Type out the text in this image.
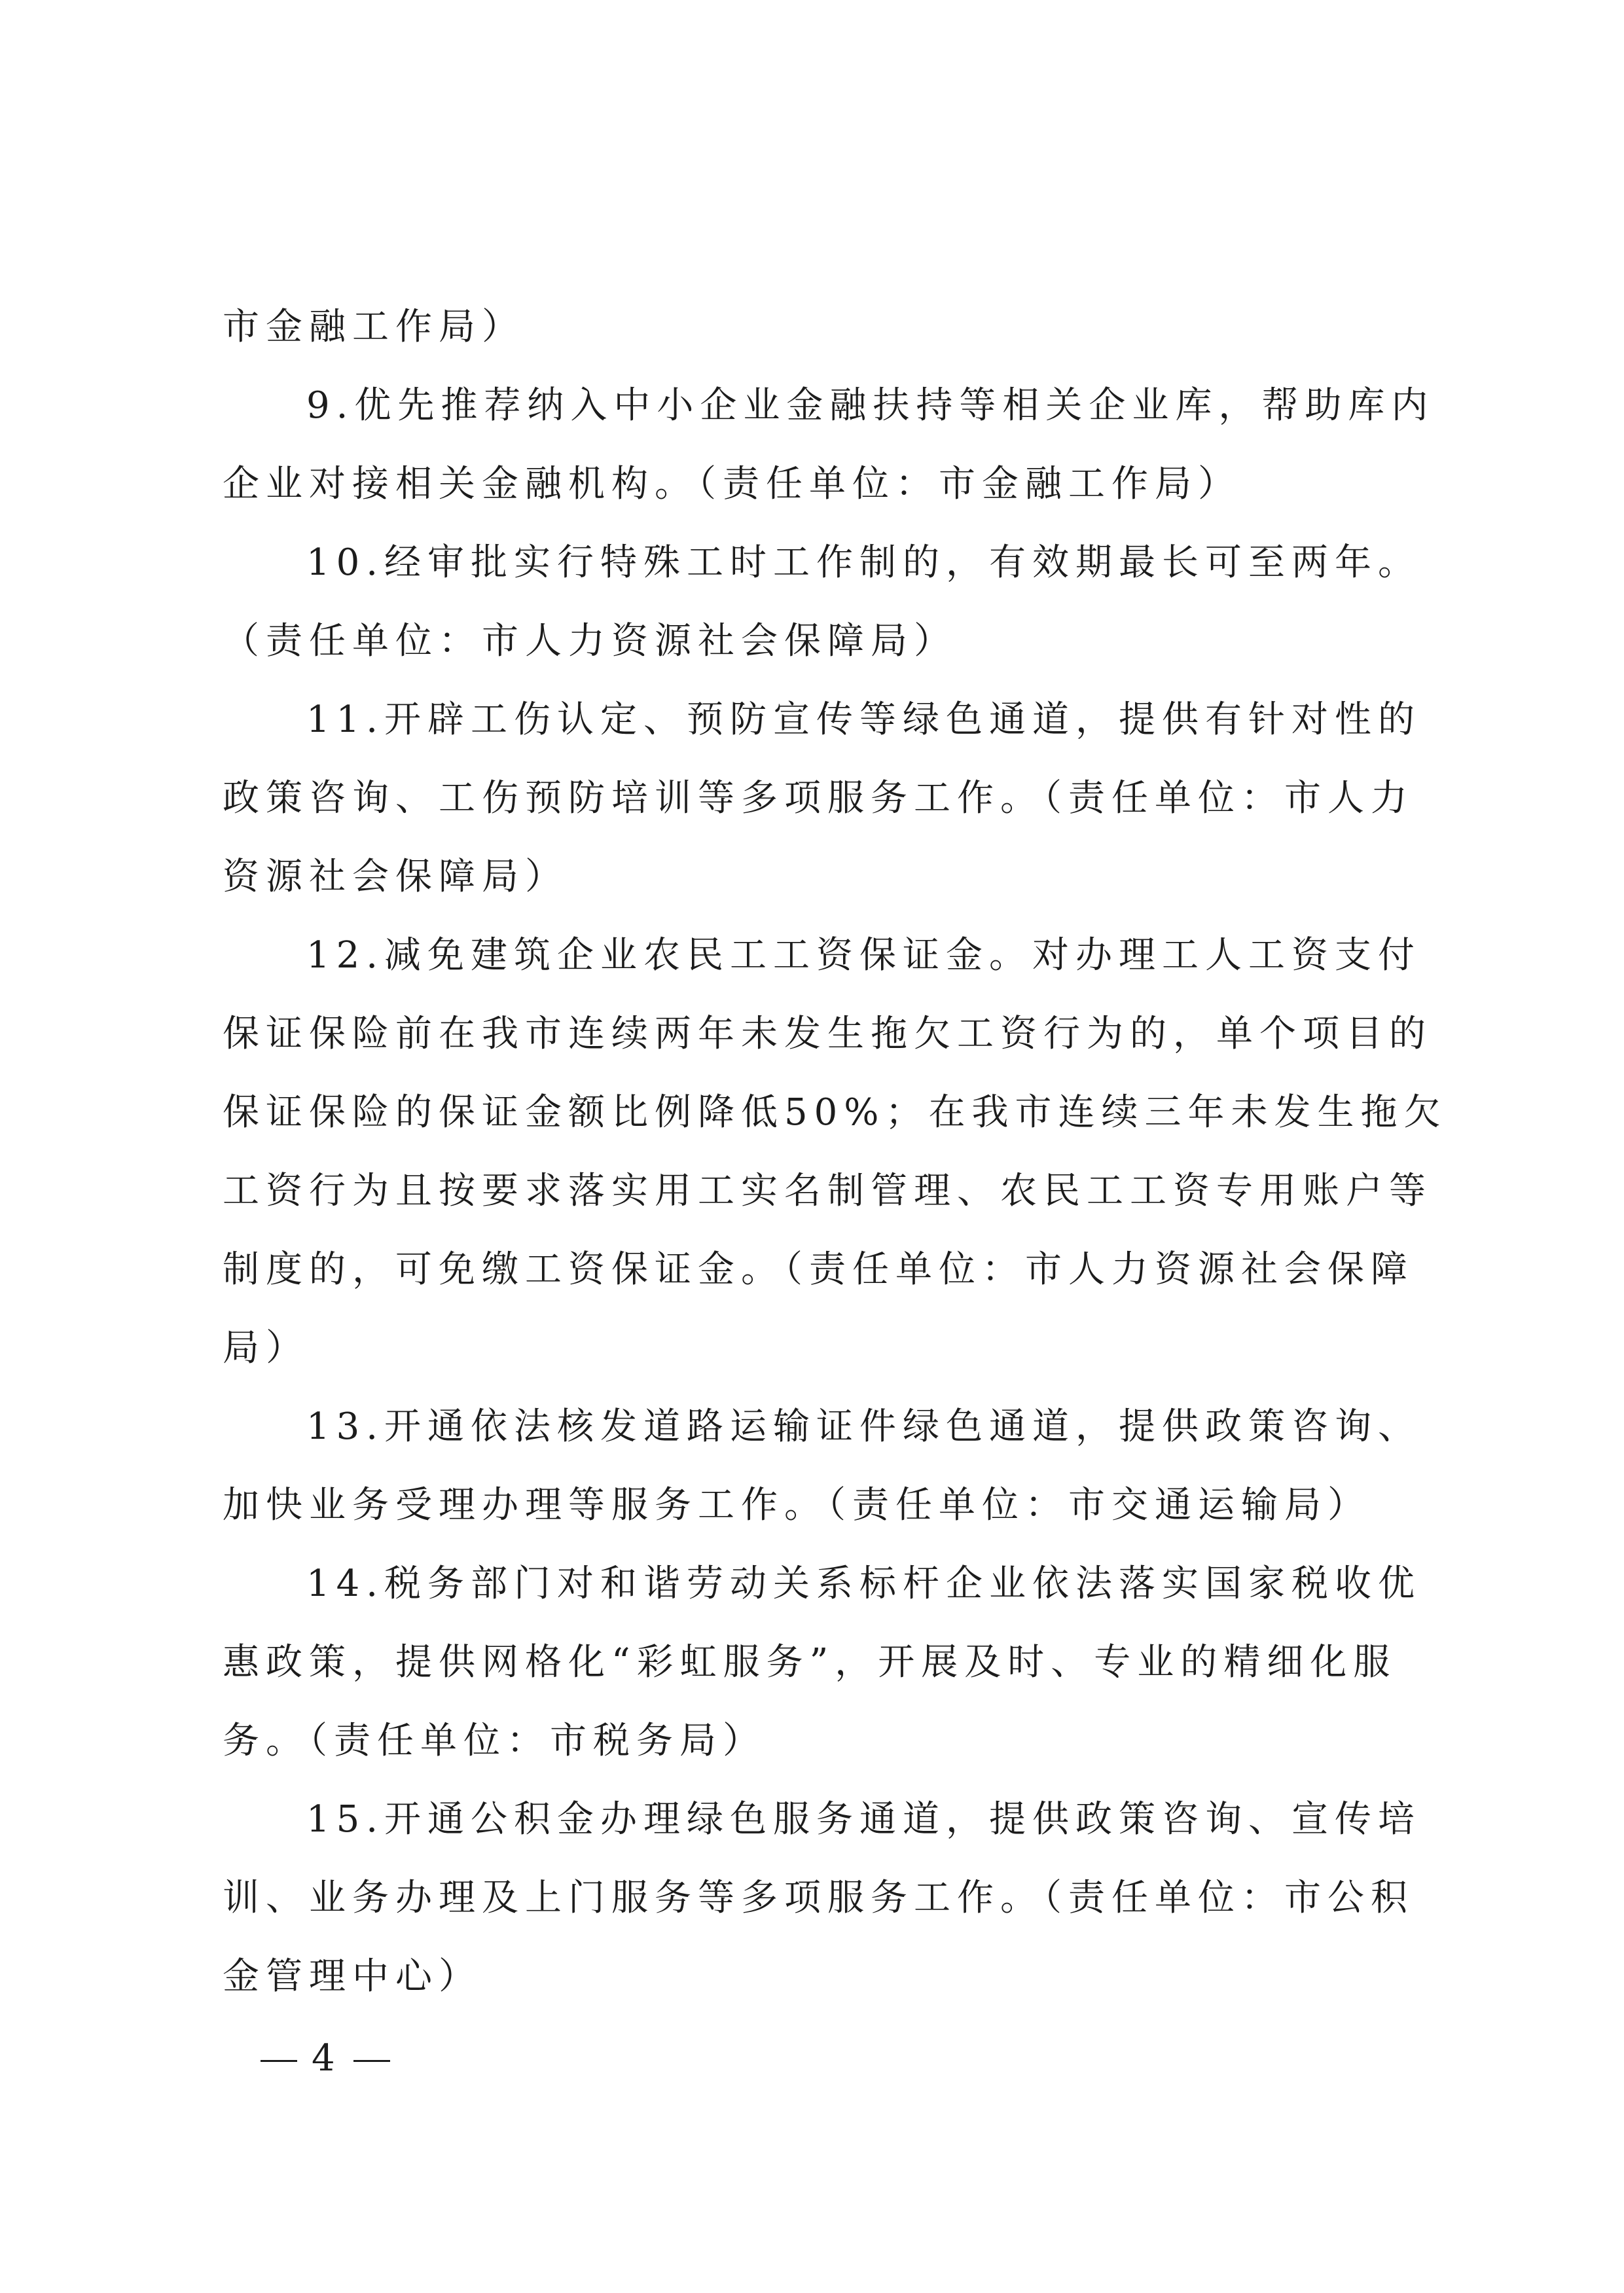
市金融工作局）
9.优先推荐纳入中小企业金融扶持等相关企业库，帮助库内
企业对接相关金融机构。（责任单位：市金融工作局）
10.经审批实行特殊工时工作制的，有效期最长可至两年。
（责任单位：市人力资源社会保障局）
11.开辟工伤认定、预防宣传等绿色通道，提供有针对性的
政策咨询、工伤预防培训等多项服务工作。（责任单位：市人力
资源社会保障局）
12.减免建筑企业农民工工资保证金。对办理工人工资支付
保证保险前在我市连续两年未发生拖欠工资行为的，单个项目的
保证保险的保证金额比例降低50%；在我市连续三年未发生拖欠
工资行为且按要求落实用工实名制管理、农民工工资专用账户等
制度的，可免缴工资保证金。（责任单位：市人力资源社会保障
局）
13.开通依法核发道路运输证件绿色通道，提供政策咨询、
加快业务受理办理等服务工作。（责任单位：市交通运输局）
14.税务部门对和谐劳动关系标杆企业依法落实国家税收优
惠政策，提供网格化“彩虹服务”，开展及时、专业的精细化服
务。（责任单位：市税务局）
15.开通公积金办理绿色服务通道，提供政策咨询、宣传培
训、业务办理及上门服务等多项服务工作。（责任单位：市公积
金管理中心）
4
